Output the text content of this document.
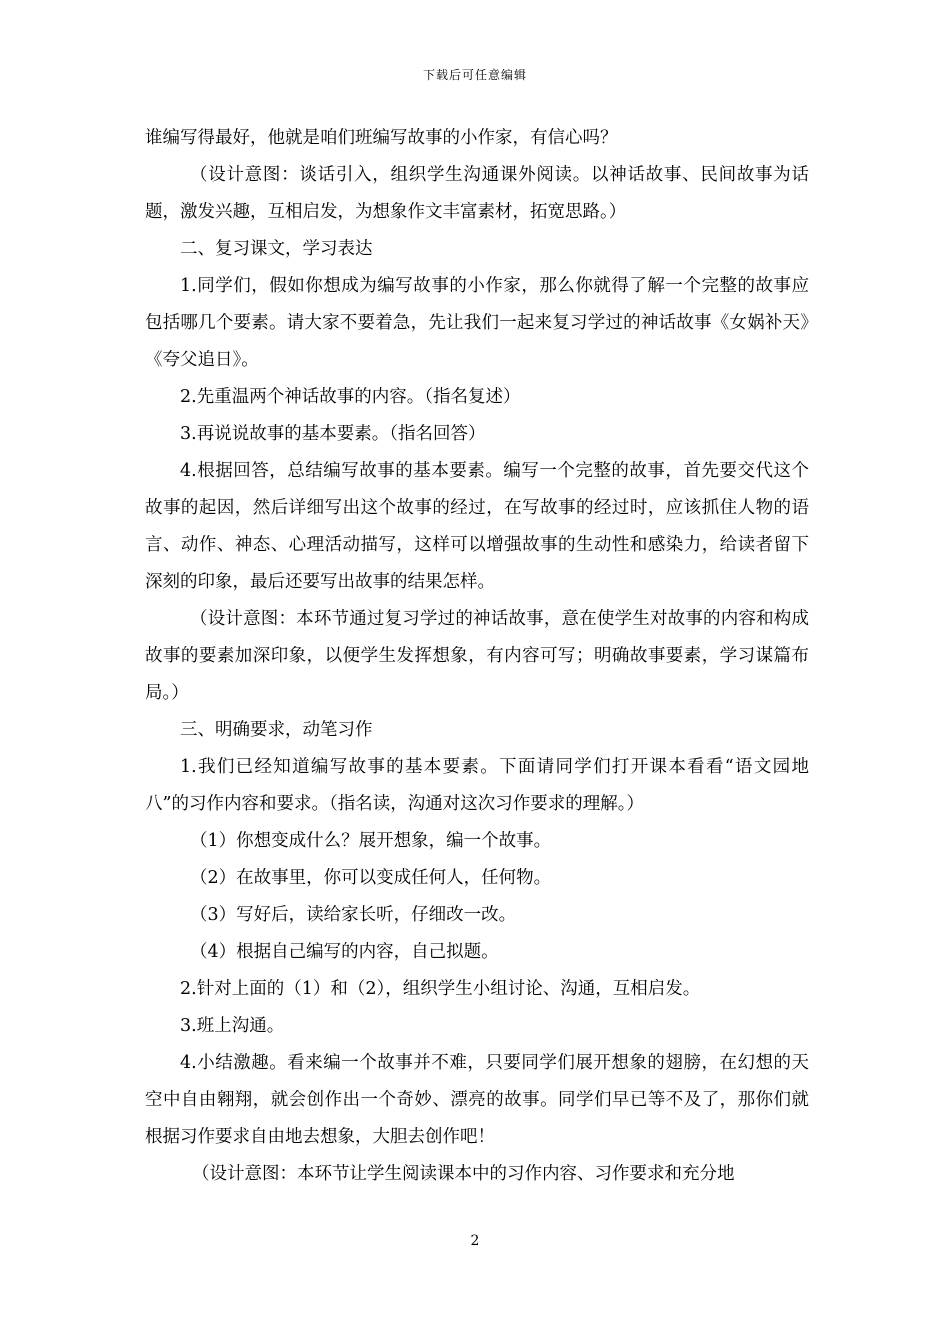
下载后可任意编辑

谁编写得最好，他就是咱们班编写故事的小作家，有信心吗？

（设计意图：谈话引入，组织学生沟通课外阅读。以神话故事、民间故事为话题，激发兴趣，互相启发，为想象作文丰富素材，拓宽思路。）

二、复习课文，学习表达

1.同学们，假如你想成为编写故事的小作家，那么你就得了解一个完整的故事应包括哪几个要素。请大家不要着急，先让我们一起来复习学过的神话故事《女娲补天》《夸父追日》。

2.先重温两个神话故事的内容。（指名复述）

3.再说说故事的基本要素。（指名回答）

4.根据回答，总结编写故事的基本要素。编写一个完整的故事，首先要交代这个故事的起因，然后详细写出这个故事的经过，在写故事的经过时，应该抓住人物的语言、动作、神态、心理活动描写，这样可以增强故事的生动性和感染力，给读者留下深刻的印象，最后还要写出故事的结果怎样。

（设计意图：本环节通过复习学过的神话故事，意在使学生对故事的内容和构成故事的要素加深印象，以便学生发挥想象，有内容可写；明确故事要素，学习谋篇布局。）

三、明确要求，动笔习作

1.我们已经知道编写故事的基本要素。下面请同学们打开课本看看“语文园地八”的习作内容和要求。（指名读，沟通对这次习作要求的理解。）

（1）你想变成什么？展开想象，编一个故事。

（2）在故事里，你可以变成任何人，任何物。

（3）写好后，读给家长听，仔细改一改。

（4）根据自己编写的内容，自己拟题。

2.针对上面的（1）和（2），组织学生小组讨论、沟通，互相启发。

3.班上沟通。

4.小结激趣。看来编一个故事并不难，只要同学们展开想象的翅膀，在幻想的天空中自由翱翔，就会创作出一个奇妙、漂亮的故事。同学们早已等不及了，那你们就根据习作要求自由地去想象，大胆去创作吧！

（设计意图：本环节让学生阅读课本中的习作内容、习作要求和充分地

2
